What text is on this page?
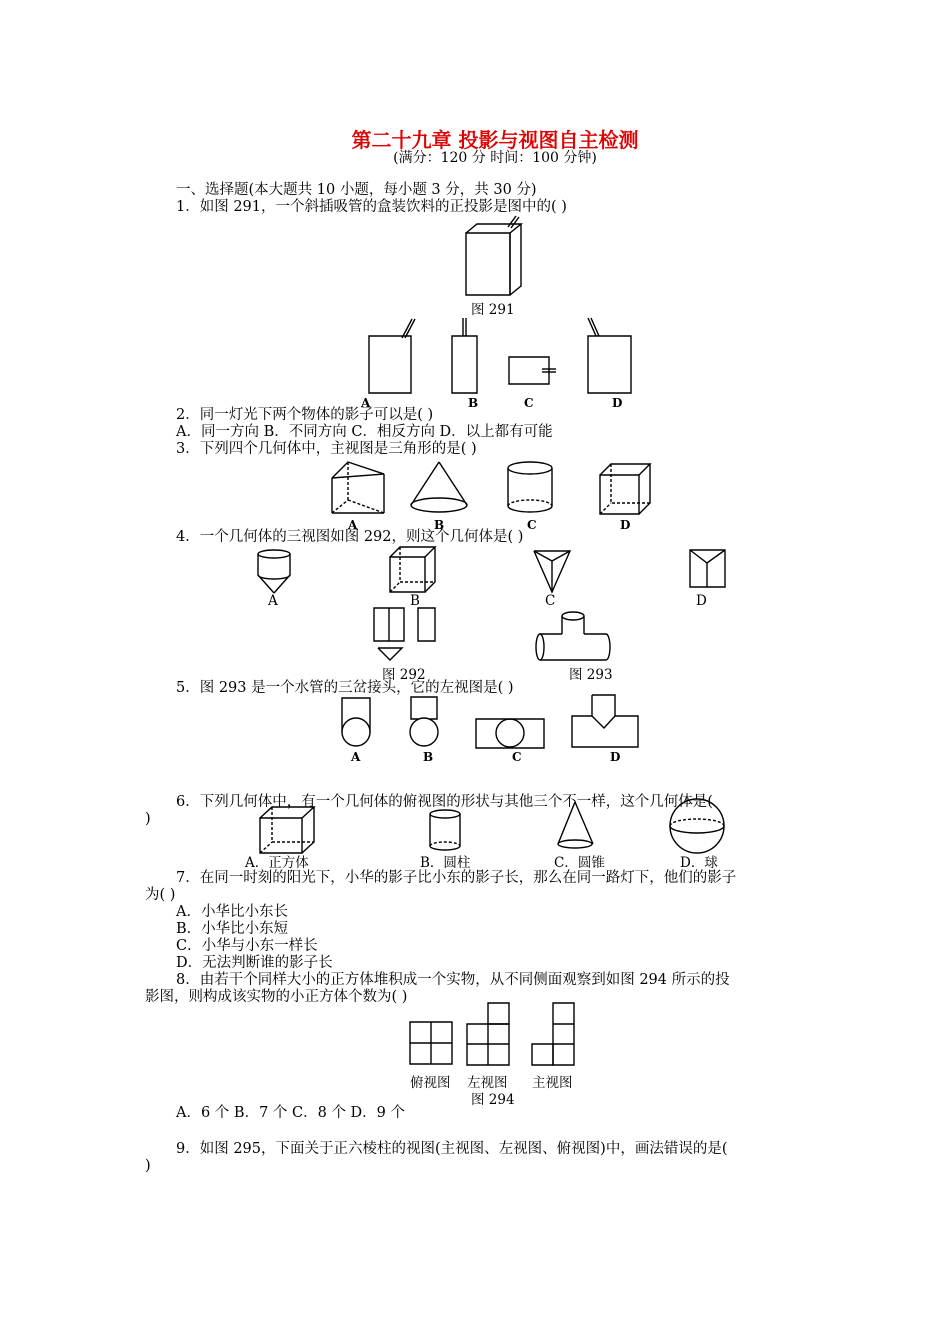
第二十九章 投影与视图自主检测
(满分：120 分 时间：100 分钟)
一、选择题(本大题共 10 小题，每小题 3 分，共 30 分)
1．如图 291，一个斜插吸管的盒装饮料的正投影是图中的( )
图 291
A	B	C	D
2．同一灯光下两个物体的影子可以是( )
A．同一方向 B．不同方向 C．相反方向 D．以上都有可能
3．下列四个几何体中，主视图是三角形的是( )
A	B	C	D
4．一个几何体的三视图如图 292，则这个几何体是( )
A	B	C	D
图 292	图 293
5．图 293 是一个水管的三岔接头，它的左视图是( )
A	B	C	D
6．下列几何体中，有一个几何体的俯视图的形状与其他三个不一样，这个几何体是(
)
A．正方体	B．圆柱	C．圆锥	D．球
7．在同一时刻的阳光下，小华的影子比小东的影子长，那么在同一路灯下，他们的影子
为( )
A．小华比小东长
B．小华比小东短
C．小华与小东一样长
D．无法判断谁的影子长
8．由若干个同样大小的正方体堆积成一个实物，从不同侧面观察到如图 294 所示的投
影图，则构成该实物的小正方体个数为( )
俯视图 左视图 主视图
图 294
A．6 个 B．7 个 C．8 个 D．9 个
9．如图 295，下面关于正六棱柱的视图(主视图、左视图、俯视图)中，画法错误的是(
)
